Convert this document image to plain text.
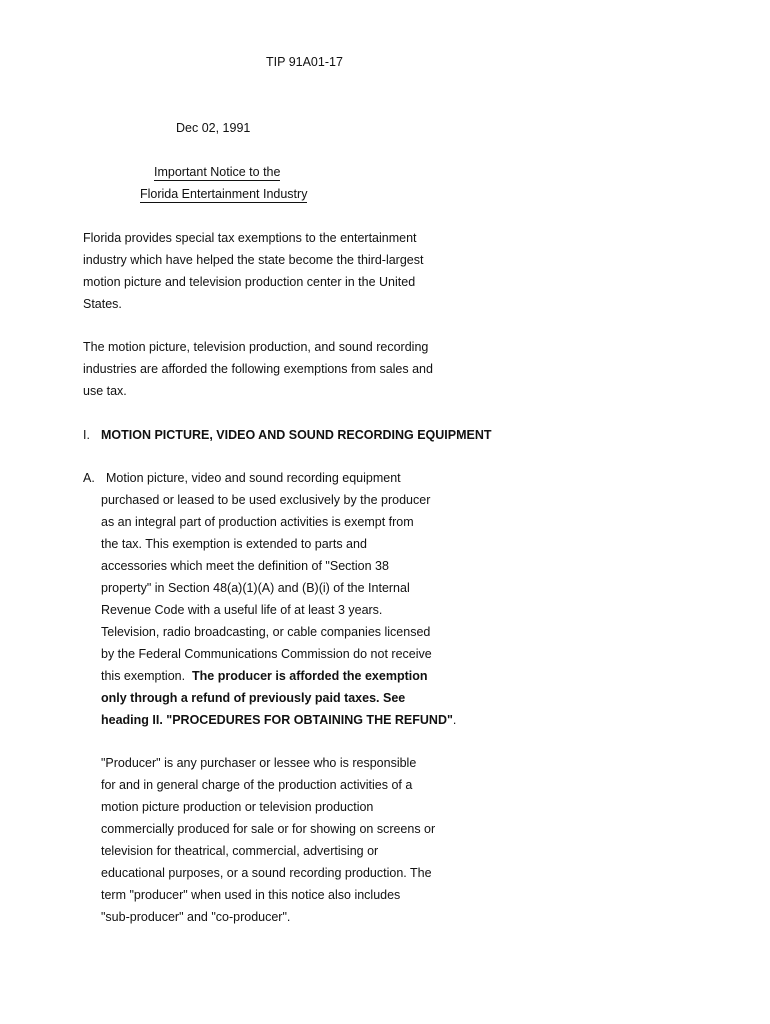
TIP 91A01-17
Dec 02, 1991
Important Notice to the
Florida Entertainment Industry
Florida provides special tax exemptions to the entertainment
industry which have helped the state become the third-largest
motion picture and television production center in the United
States.
The motion picture, television production, and sound recording
industries are afforded the following exemptions from sales and
use tax.
I. MOTION PICTURE, VIDEO AND SOUND RECORDING EQUIPMENT
A. Motion picture, video and sound recording equipment
purchased or leased to be used exclusively by the producer
as an integral part of production activities is exempt from
the tax. This exemption is extended to parts and
accessories which meet the definition of "Section 38
property" in Section 48(a)(1)(A) and (B)(i) of the Internal
Revenue Code with a useful life of at least 3 years.
Television, radio broadcasting, or cable companies licensed
by the Federal Communications Commission do not receive
this exemption. The producer is afforded the exemption
only through a refund of previously paid taxes. See
heading II. "PROCEDURES FOR OBTAINING THE REFUND".
"Producer" is any purchaser or lessee who is responsible
for and in general charge of the production activities of a
motion picture production or television production
commercially produced for sale or for showing on screens or
television for theatrical, commercial, advertising or
educational purposes, or a sound recording production. The
term "producer" when used in this notice also includes
"sub-producer" and "co-producer".
